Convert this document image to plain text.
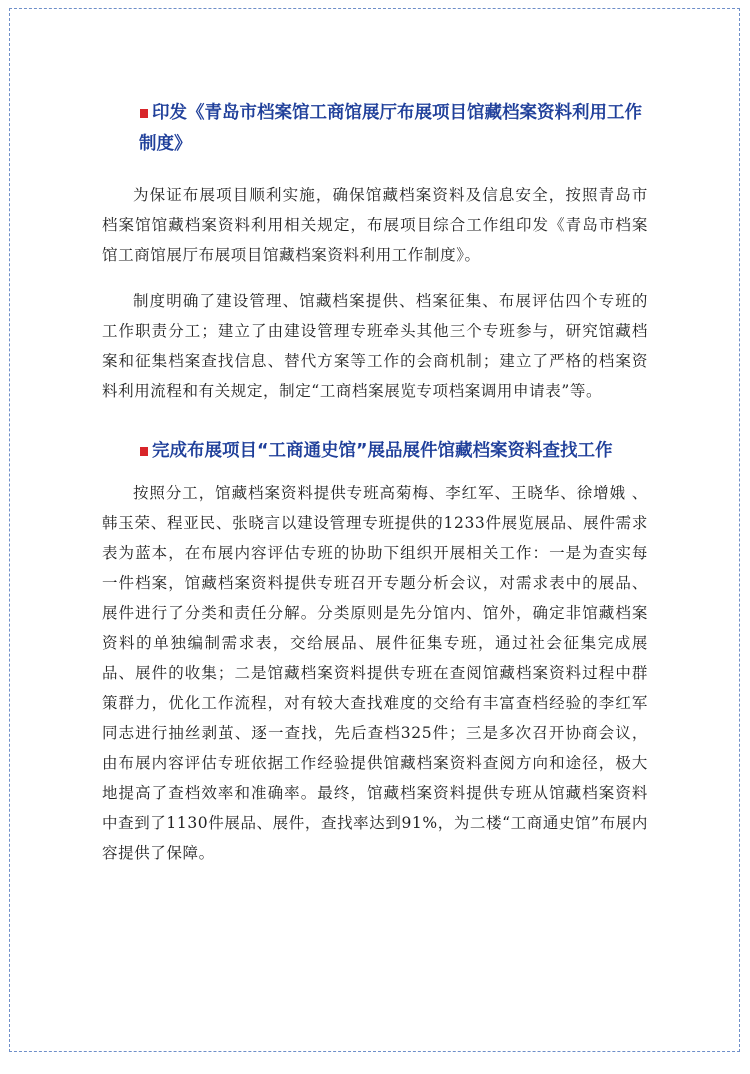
印发《青岛市档案馆工商馆展厅布展项目馆藏档案资料利用工作制度》

为保证布展项目顺利实施，确保馆藏档案资料及信息安全，按照青岛市档案馆馆藏档案资料利用相关规定，布展项目综合工作组印发《青岛市档案馆工商馆展厅布展项目馆藏档案资料利用工作制度》。

制度明确了建设管理、馆藏档案提供、档案征集、布展评估四个专班的工作职责分工；建立了由建设管理专班牵头其他三个专班参与，研究馆藏档案和征集档案查找信息、替代方案等工作的会商机制；建立了严格的档案资料利用流程和有关规定，制定“工商档案展览专项档案调用申请表”等。

完成布展项目“工商通史馆”展品展件馆藏档案资料查找工作

按照分工，馆藏档案资料提供专班高菊梅、李红军、王晓华、徐增娥 、韩玉荣、程亚民、张晓言以建设管理专班提供的1233件展览展品、展件需求表为蓝本，在布展内容评估专班的协助下组织开展相关工作：一是为查实每一件档案，馆藏档案资料提供专班召开专题分析会议，对需求表中的展品、展件进行了分类和责任分解。分类原则是先分馆内、馆外，确定非馆藏档案资料的单独编制需求表，交给展品、展件征集专班，通过社会征集完成展品、展件的收集；二是馆藏档案资料提供专班在查阅馆藏档案资料过程中群策群力，优化工作流程，对有较大查找难度的交给有丰富查档经验的李红军同志进行抽丝剥茧、逐一查找，先后查档325件；三是多次召开协商会议，由布展内容评估专班依据工作经验提供馆藏档案资料查阅方向和途径，极大地提高了查档效率和准确率。最终，馆藏档案资料提供专班从馆藏档案资料中查到了1130件展品、展件，查找率达到91%，为二楼“工商通史馆”布展内容提供了保障。
